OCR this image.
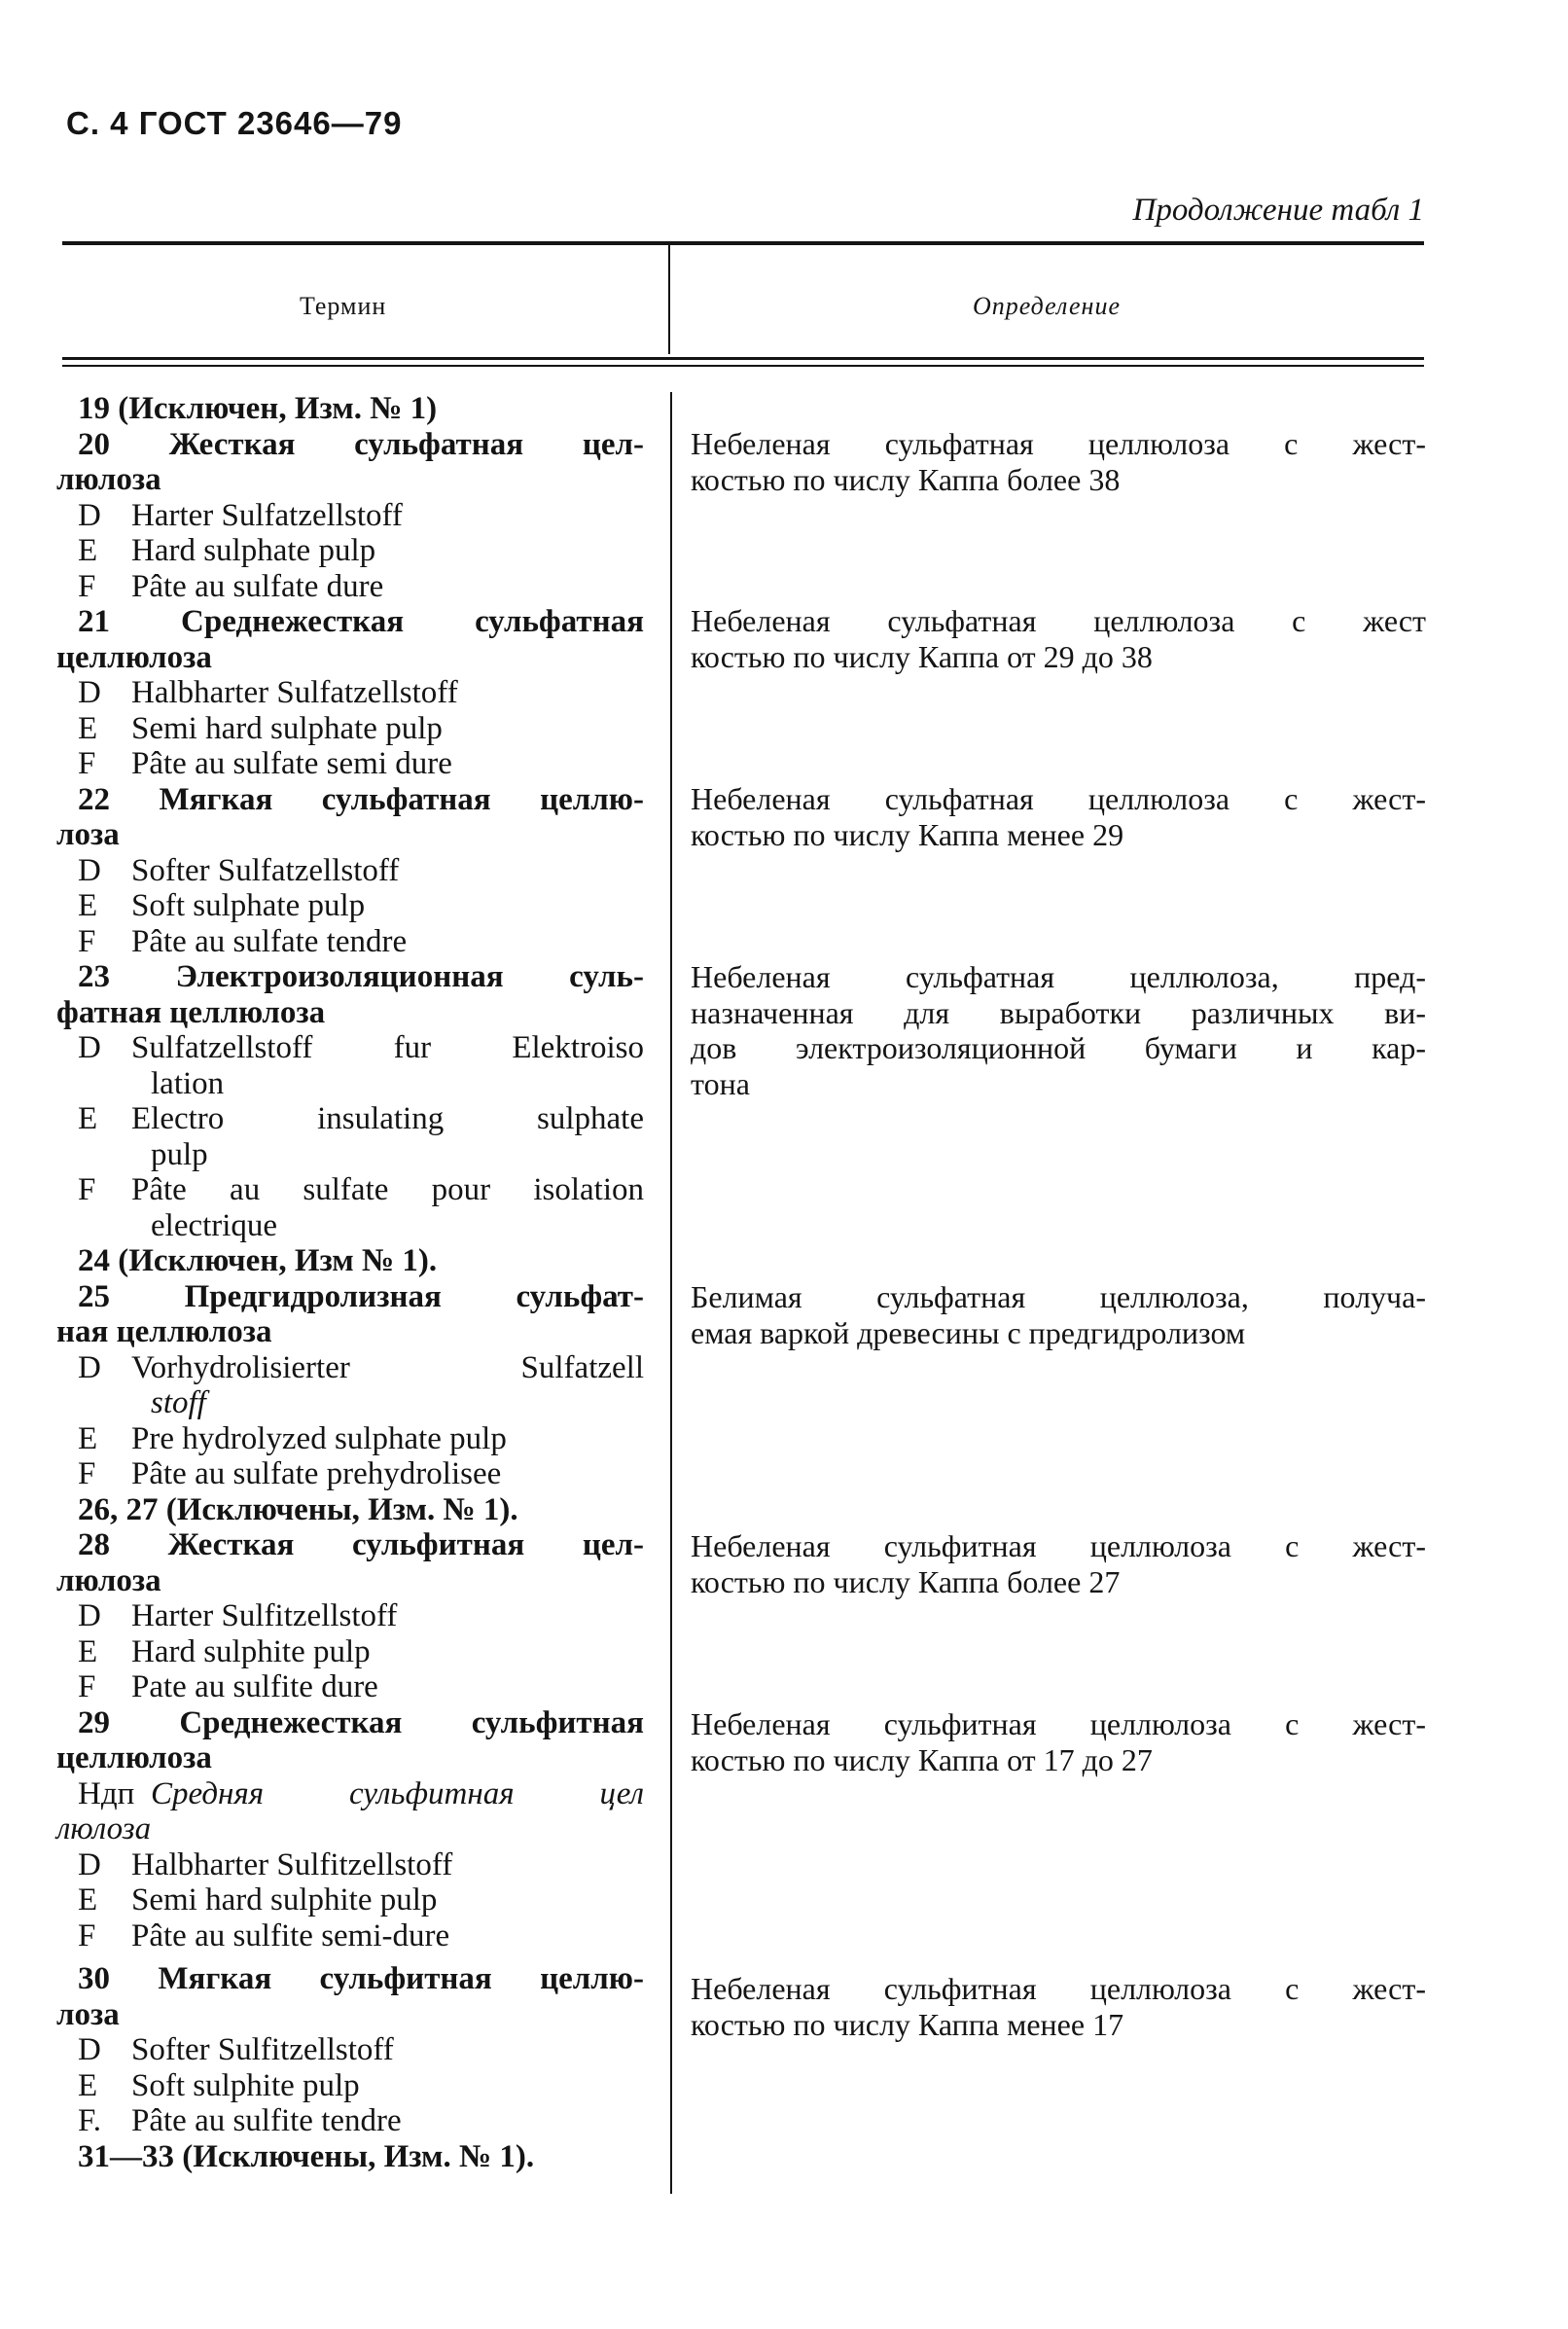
С. 4 ГОСТ 23646—79
Продолжение табл 1
Термин	Определение
19 (Исключен, Изм. № 1)
20 Жесткая сульфатная цел-
люлоза
D Harter Sulfatzellstoff
E Hard sulphate pulp
F Pâte au sulfate dure
21 Среднежесткая сульфатная
целлюлоза
D Halbharter Sulfatzellstoff
E Semi hard sulphate pulp
F Pâte au sulfate semi dure
22 Мягкая сульфатная целлю-
лоза
D Softer Sulfatzellstoff
E Soft sulphate pulp
F Pâte au sulfate tendre
23 Электроизоляционная суль-
фатная целлюлоза
D Sulfatzellstoff fur Elektroiso
lation
E Electro insulating sulphate
pulp
F Pâte au sulfate pour isolation
electrique
24 (Исключен, Изм № 1).
25 Предгидролизная сульфат-
ная целлюлоза
D Vorhydrolisierter Sulfatzell
stoff
E Pre hydrolyzed sulphate pulp
F Pâte au sulfate prehydrolisee
26, 27 (Исключены, Изм. № 1).
28 Жесткая сульфитная цел-
люлоза
D Harter Sulfitzellstoff
E Hard sulphite pulp
F Pate au sulfite dure
29 Среднежесткая сульфитная
целлюлоза
Ндп Средняя сульфитная цел
люлоза
D Halbharter Sulfitzellstoff
E Semi hard sulphite pulp
F Pâte au sulfite semi-dure
30 Мягкая сульфитная целлю-
лоза
D Softer Sulfitzellstoff
E Soft sulphite pulp
F. Pâte au sulfite tendre
31—33 (Исключены, Изм. № 1).
Небеленая сульфатная целлюлоза с жест-
костью по числу Каппа более 38
Небеленая сульфатная целлюлоза с жест
костью по числу Каппа от 29 до 38
Небеленая сульфатная целлюлоза с жест-
костью по числу Каппа менее 29
Небеленая сульфатная целлюлоза, пред-
назначенная для выработки различных ви-
дов электроизоляционной бумаги и кар-
тона
Белимая сульфатная целлюлоза, получа-
емая варкой древесины с предгидролизом
Небеленая сульфитная целлюлоза с жест-
костью по числу Каппа более 27
Небеленая сульфитная целлюлоза с жест-
костью по числу Каппа от 17 до 27
Небеленая сульфитная целлюлоза с жест-
костью по числу Каппа менее 17
